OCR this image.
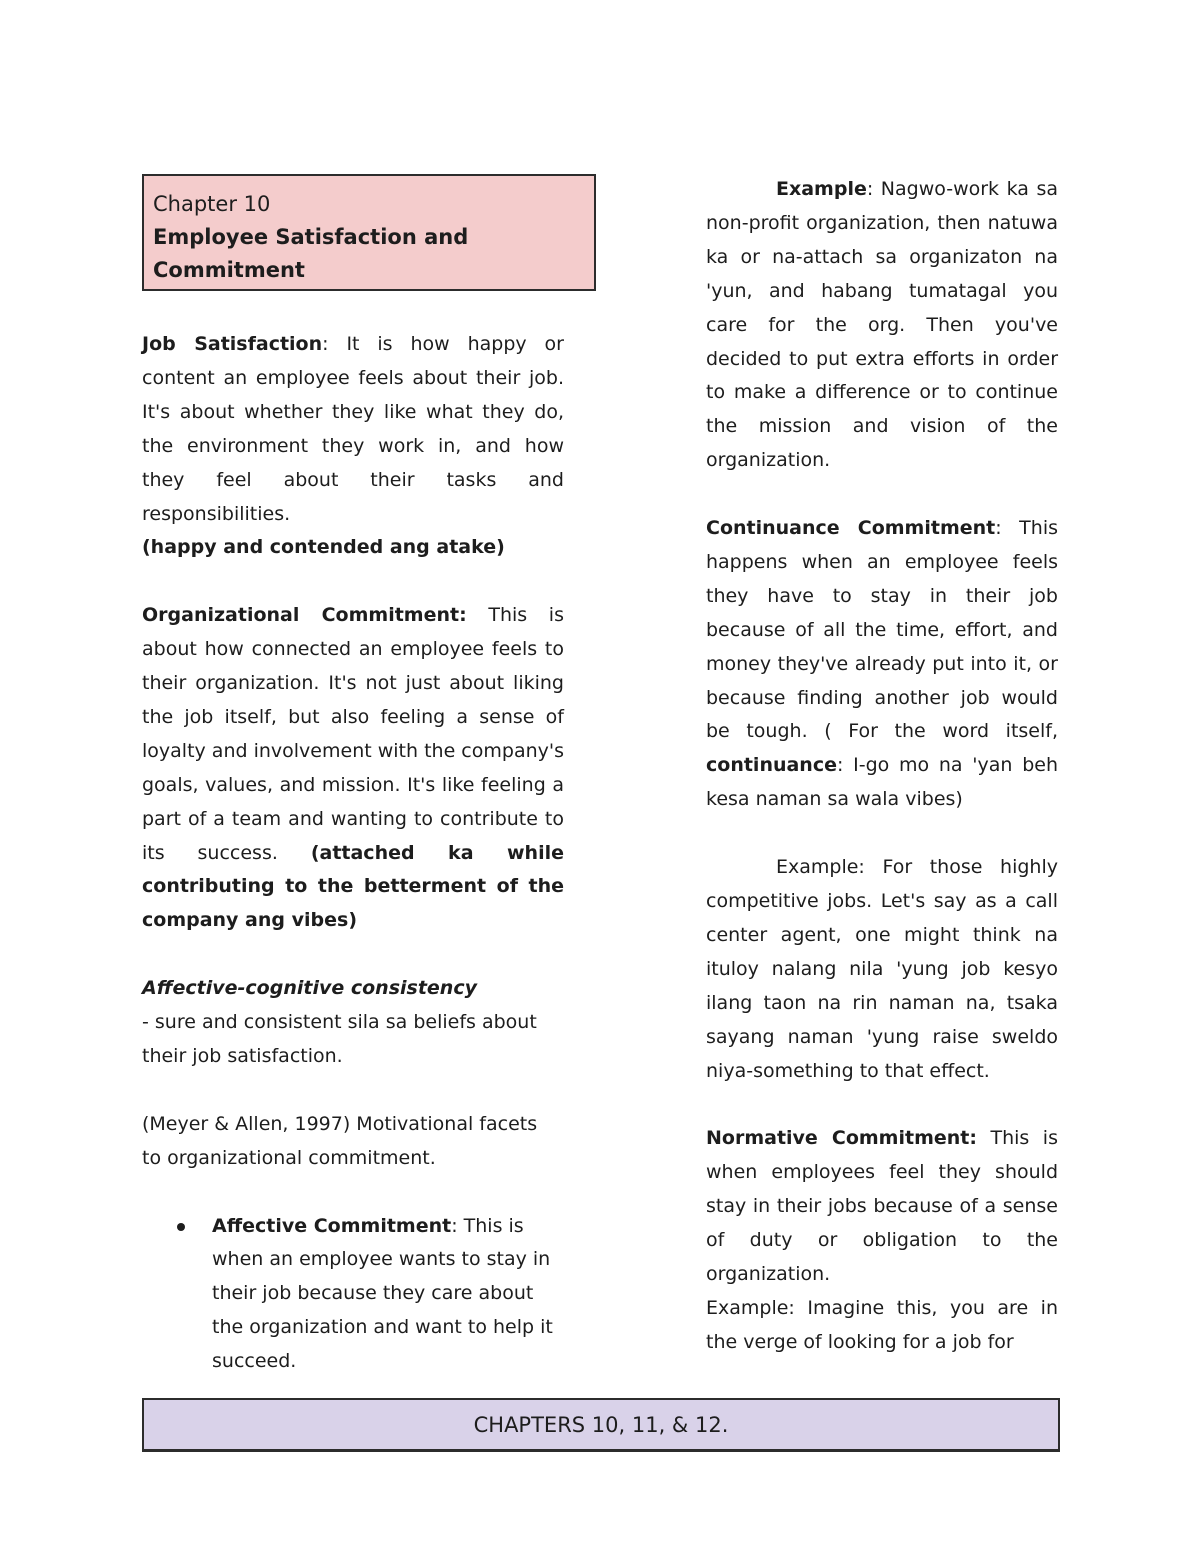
Chapter 10
Employee Satisfaction and
Commitment

Job Satisfaction: It is how happy or content an employee feels about their job. It's about whether they like what they do, the environment they work in, and how they feel about their tasks and responsibilities.

(happy and contended ang atake)

Organizational Commitment: This is about how connected an employee feels to their organization. It's not just about liking the job itself, but also feeling a sense of loyalty and involvement with the company's goals, values, and mission. It's like feeling a part of a team and wanting to contribute to its success. (attached ka while contributing to the betterment of the company ang vibes)

Affective-cognitive consistency

- sure and consistent sila sa beliefs about their job satisfaction.

(Meyer & Allen, 1997) Motivational facets

to organizational commitment.

Affective Commitment: This is when an employee wants to stay in their job because they care about the organization and want to help it succeed.

Example: Nagwo-work ka sa non-profit organization, then natuwa ka or na-attach sa organizaton na 'yun, and habang tumatagal you care for the org. Then you've decided to put extra efforts in order to make a difference or to continue the mission and vision of the organization.

Continuance Commitment: This happens when an employee feels they have to stay in their job because of all the time, effort, and money they've already put into it, or because finding another job would be tough. ( For the word itself, continuance: I-go mo na 'yan beh kesa naman sa wala vibes)

Example: For those highly competitive jobs. Let's say as a call center agent, one might think na ituloy nalang nila 'yung job kesyo ilang taon na rin naman na, tsaka sayang naman 'yung raise sweldo niya-something to that effect.

Normative Commitment: This is when employees feel they should stay in their jobs because of a sense of duty or obligation to the organization.

Example: Imagine this, you are in the verge of looking for a job for

CHAPTERS 10, 11, & 12.
